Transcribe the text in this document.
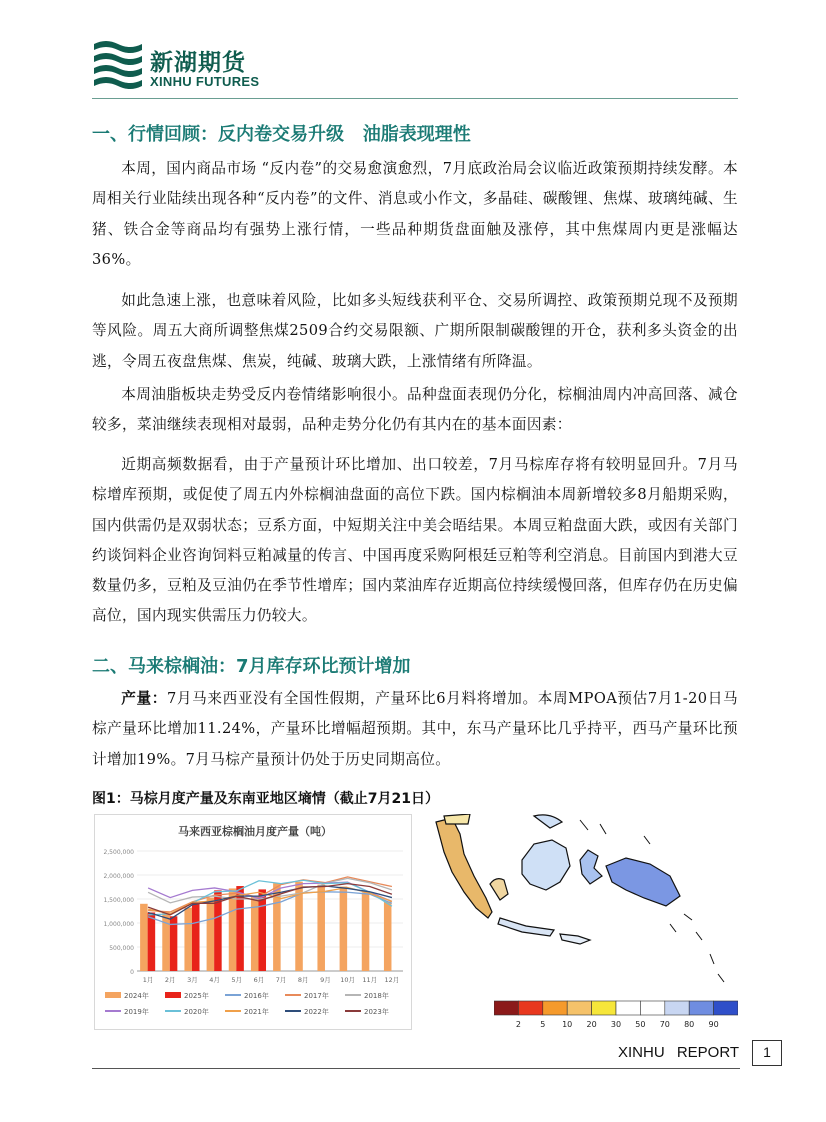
新湖期货
XINHU FUTURES
一、行情回顾：反内卷交易升级   油脂表现理性

本周，国内商品市场 “反内卷”的交易愈演愈烈，7月底政治局会议临近政策预期持续发酵。本周相关行业陆续出现各种“反内卷”的文件、消息或小作文，多晶硅、碳酸锂、焦煤、玻璃纯碱、生猪、铁合金等商品均有强势上涨行情，一些品种期货盘面触及涨停，其中焦煤周内更是涨幅达36%。

如此急速上涨，也意味着风险，比如多头短线获利平仓、交易所调控、政策预期兑现不及预期等风险。周五大商所调整焦煤2509合约交易限额、广期所限制碳酸锂的开仓，获利多头资金的出逃，令周五夜盘焦煤、焦炭，纯碱、玻璃大跌，上涨情绪有所降温。

本周油脂板块走势受反内卷情绪影响很小。品种盘面表现仍分化，棕榈油周内冲高回落、减仓较多，菜油继续表现相对最弱，品种走势分化仍有其内在的基本面因素：

近期高频数据看，由于产量预计环比增加、出口较差，7月马棕库存将有较明显回升。7月马棕增库预期，或促使了周五内外棕榈油盘面的高位下跌。国内棕榈油本周新增较多8月船期采购，国内供需仍是双弱状态；豆系方面，中短期关注中美会晤结果。本周豆粕盘面大跌，或因有关部门约谈饲料企业咨询饲料豆粕减量的传言、中国再度采购阿根廷豆粕等利空消息。目前国内到港大豆数量仍多，豆粕及豆油仍在季节性增库；国内菜油库存近期高位持续缓慢回落，但库存仍在历史偏高位，国内现实供需压力仍较大。

二、马来棕榈油：7月库存环比预计增加

产量：7月马来西亚没有全国性假期，产量环比6月料将增加。本周MPOA预估7月1-20日马棕产量环比增加11.24%，产量环比增幅超预期。其中，东马产量环比几乎持平，西马产量环比预计增加19%。7月马棕产量预计仍处于历史同期高位。

图1：马棕月度产量及东南亚地区墒情（截止7月21日）
马来西亚棕榈油月度产量（吨）
0
500,000
1,000,000
1,500,000
2,000,000
2,500,000
1月 2月 3月 4月 5月 6月 7月 8月 9月 10月 11月 12月
2024年	2025年	2016年	2017年	2018年
2019年	2020年	2021年	2022年	2023年
2 5 10 20 30 50 70 80 90
XINHU REPORT	1
